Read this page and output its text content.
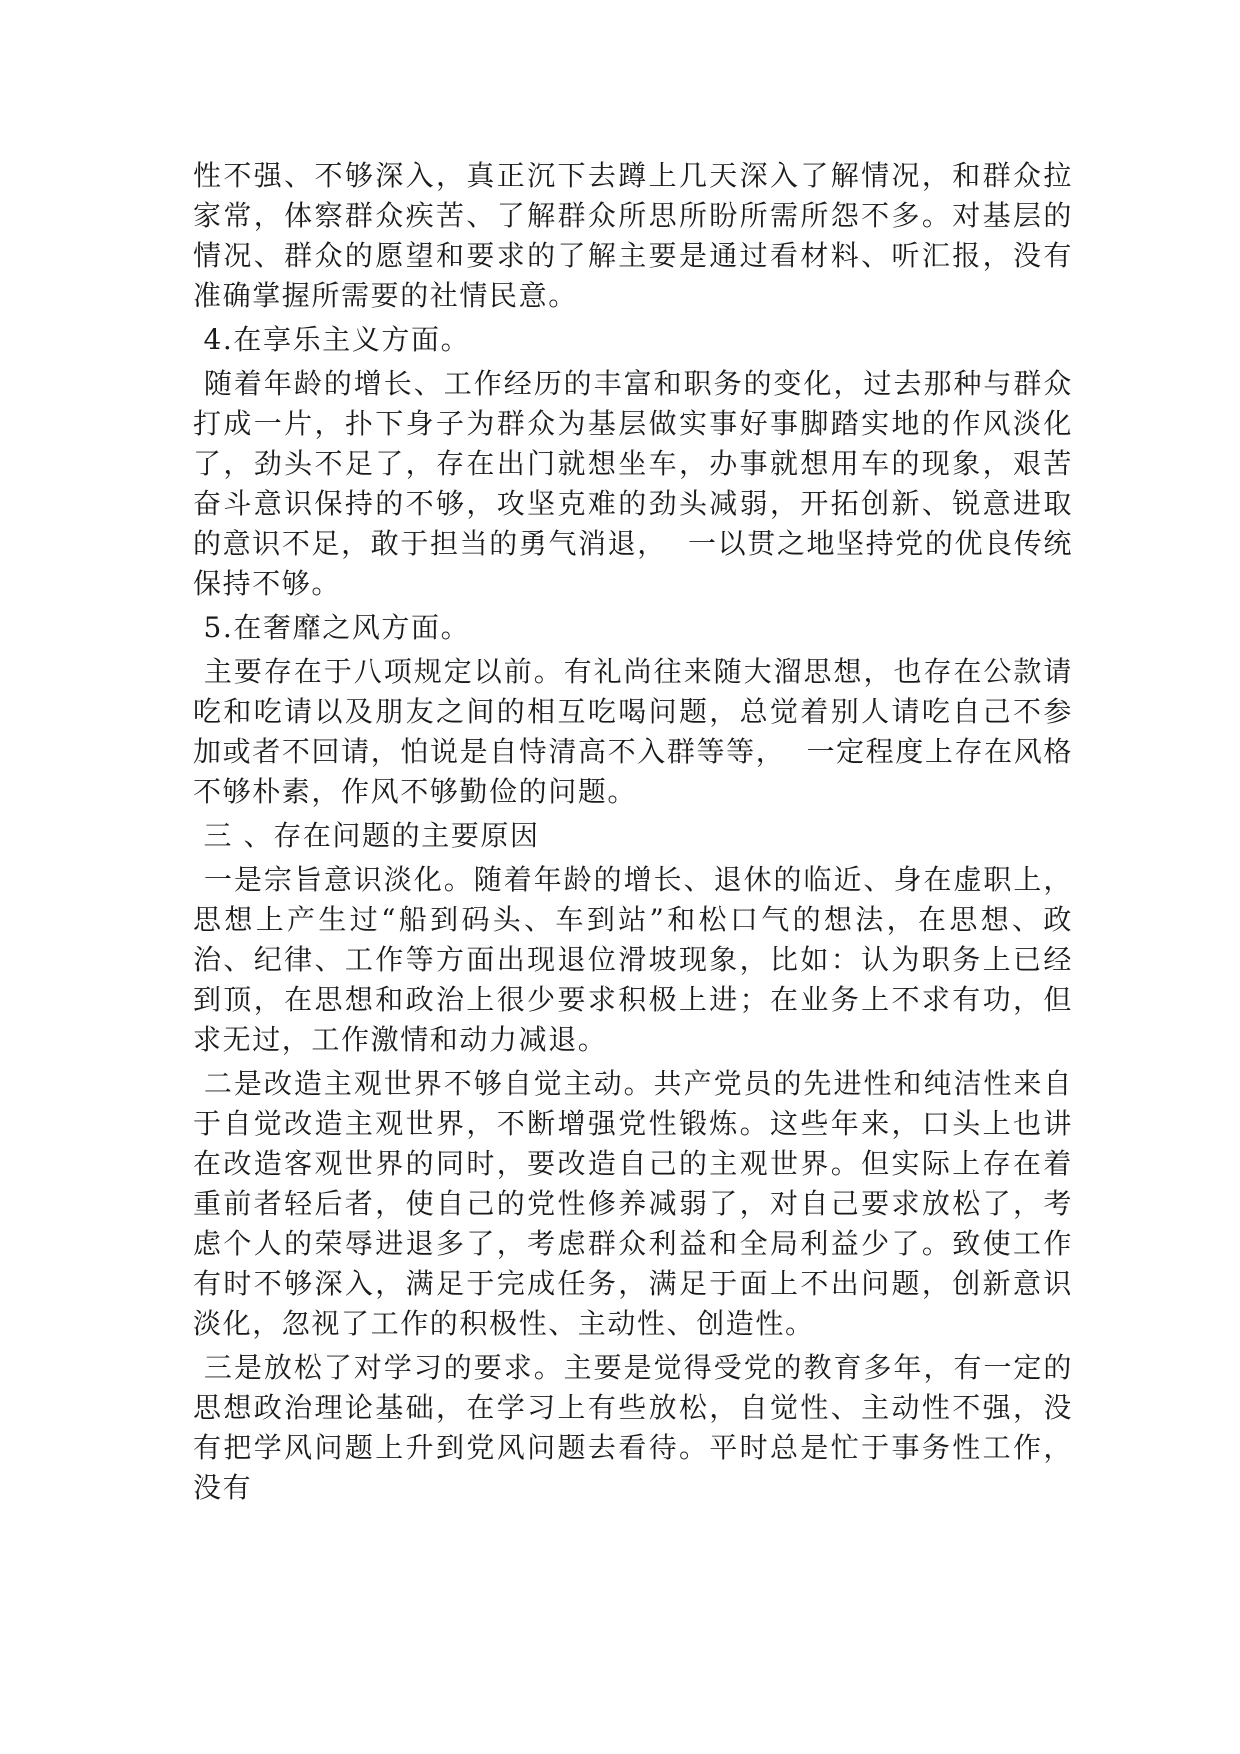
性不强、不够深入，真正沉下去蹲上几天深入了解情况，和群众拉家常，体察群众疾苦、了解群众所思所盼所需所怨不多。对基层的情况、群众的愿望和要求的了解主要是通过看材料、听汇报，没有准确掌握所需要的社情民意。

4.在享乐主义方面。

随着年龄的增长、工作经历的丰富和职务的变化，过去那种与群众打成一片，扑下身子为群众为基层做实事好事脚踏实地的作风淡化了，劲头不足了，存在出门就想坐车，办事就想用车的现象，艰苦奋斗意识保持的不够，攻坚克难的劲头减弱，开拓创新、锐意进取的意识不足，敢于担当的勇气消退，  一以贯之地坚持党的优良传统保持不够。

5.在奢靡之风方面。

主要存在于八项规定以前。有礼尚往来随大溜思想，也存在公款请吃和吃请以及朋友之间的相互吃喝问题，总觉着别人请吃自己不参加或者不回请，怕说是自恃清高不入群等等，  一定程度上存在风格不够朴素，作风不够勤俭的问题。

三 、存在问题的主要原因

一是宗旨意识淡化。随着年龄的增长、退休的临近、身在虚职上，思想上产生过“船到码头、车到站”和松口气的想法，在思想、政治、纪律、工作等方面出现退位滑坡现象，比如：认为职务上已经到顶，在思想和政治上很少要求积极上进；在业务上不求有功，但求无过，工作激情和动力减退。

二是改造主观世界不够自觉主动。共产党员的先进性和纯洁性来自于自觉改造主观世界，不断增强党性锻炼。这些年来，口头上也讲在改造客观世界的同时，要改造自己的主观世界。但实际上存在着重前者轻后者，使自己的党性修养减弱了，对自己要求放松了，考虑个人的荣辱进退多了，考虑群众利益和全局利益少了。致使工作有时不够深入，满足于完成任务，满足于面上不出问题，创新意识淡化，忽视了工作的积极性、主动性、创造性。

三是放松了对学习的要求。主要是觉得受党的教育多年，有一定的思想政治理论基础，在学习上有些放松，自觉性、主动性不强，没有把学风问题上升到党风问题去看待。平时总是忙于事务性工作，没有
